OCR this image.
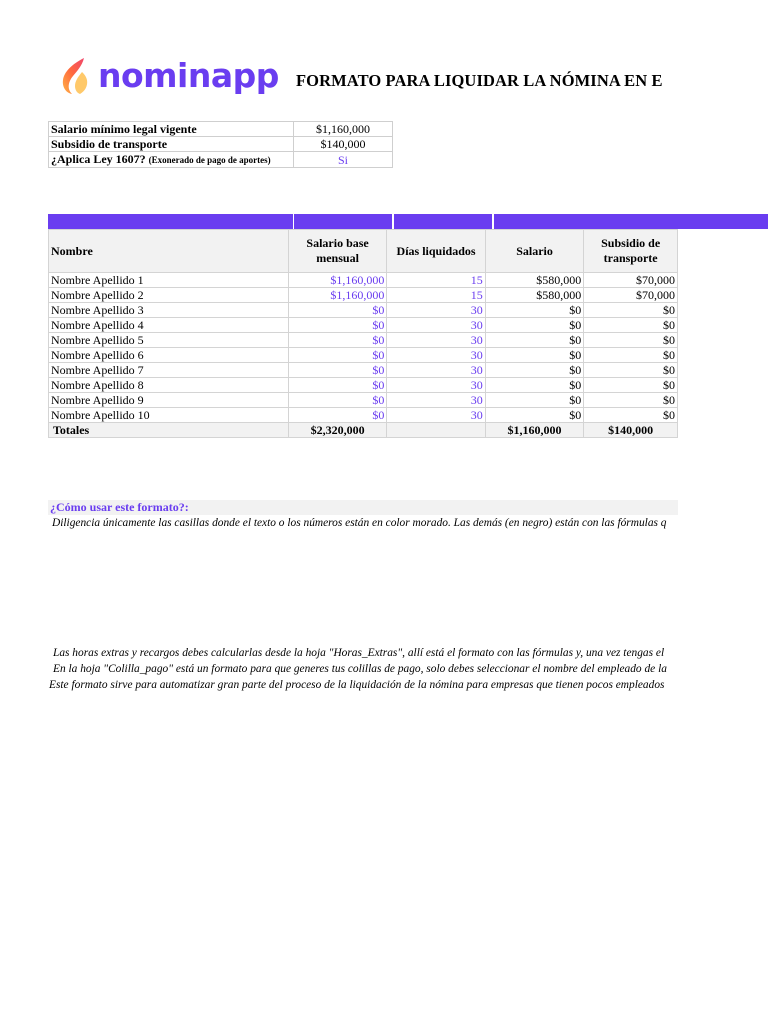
nominapp FORMATO PARA LIQUIDAR LA NÓMINA EN E
Salario mínimo legal vigente	$1,160,000
Subsidio de transporte	$140,000
¿Aplica Ley 1607? (Exonerado de pago de aportes)	Si
Nombre	Salario base mensual	Días liquidados	Salario	Subsidio de transporte
Nombre Apellido 1	$1,160,000	15	$580,000	$70,000
Nombre Apellido 2	$1,160,000	15	$580,000	$70,000
Nombre Apellido 3	$0	30	$0	$0
Nombre Apellido 4	$0	30	$0	$0
Nombre Apellido 5	$0	30	$0	$0
Nombre Apellido 6	$0	30	$0	$0
Nombre Apellido 7	$0	30	$0	$0
Nombre Apellido 8	$0	30	$0	$0
Nombre Apellido 9	$0	30	$0	$0
Nombre Apellido 10	$0	30	$0	$0
Totales	$2,320,000		$1,160,000	$140,000
¿Cómo usar este formato?:
Diligencia únicamente las casillas donde el texto o los números están en color morado. Las demás (en negro) están con las fórmulas q
Las horas extras y recargos debes calcularlas desde la hoja "Horas_Extras", allí está el formato con las fórmulas y, una vez tengas el
En la hoja "Colilla_pago" está un formato para que generes tus colillas de pago, solo debes seleccionar el nombre del empleado de la
Este formato sirve para automatizar gran parte del proceso de la liquidación de la nómina para empresas que tienen pocos empleados
